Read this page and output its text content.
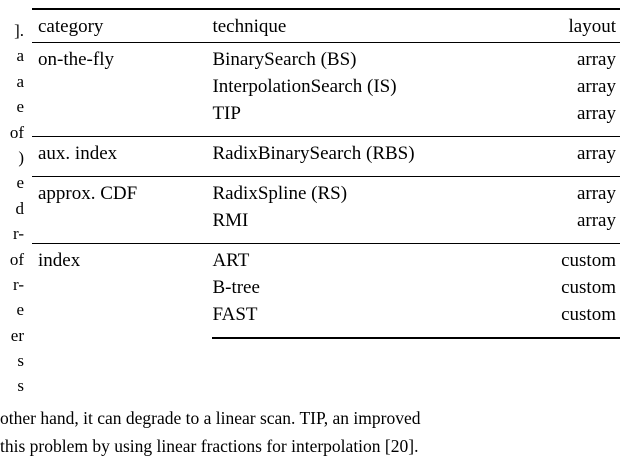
].
a
a
e
of
)
e
d
r-
of
r-
e
er
s
s
category	technique	layout
on-the-fly	BinarySearch (BS)	array
	InterpolationSearch (IS)	array
	TIP	array
aux. index	RadixBinarySearch (RBS)	array
approx. CDF	RadixSpline (RS)	array
	RMI	array
index	ART	custom
	B-tree	custom
	FAST	custom
other hand, it can degrade to a linear scan. TIP, an improved
this problem by using linear fractions for interpolation [20].
